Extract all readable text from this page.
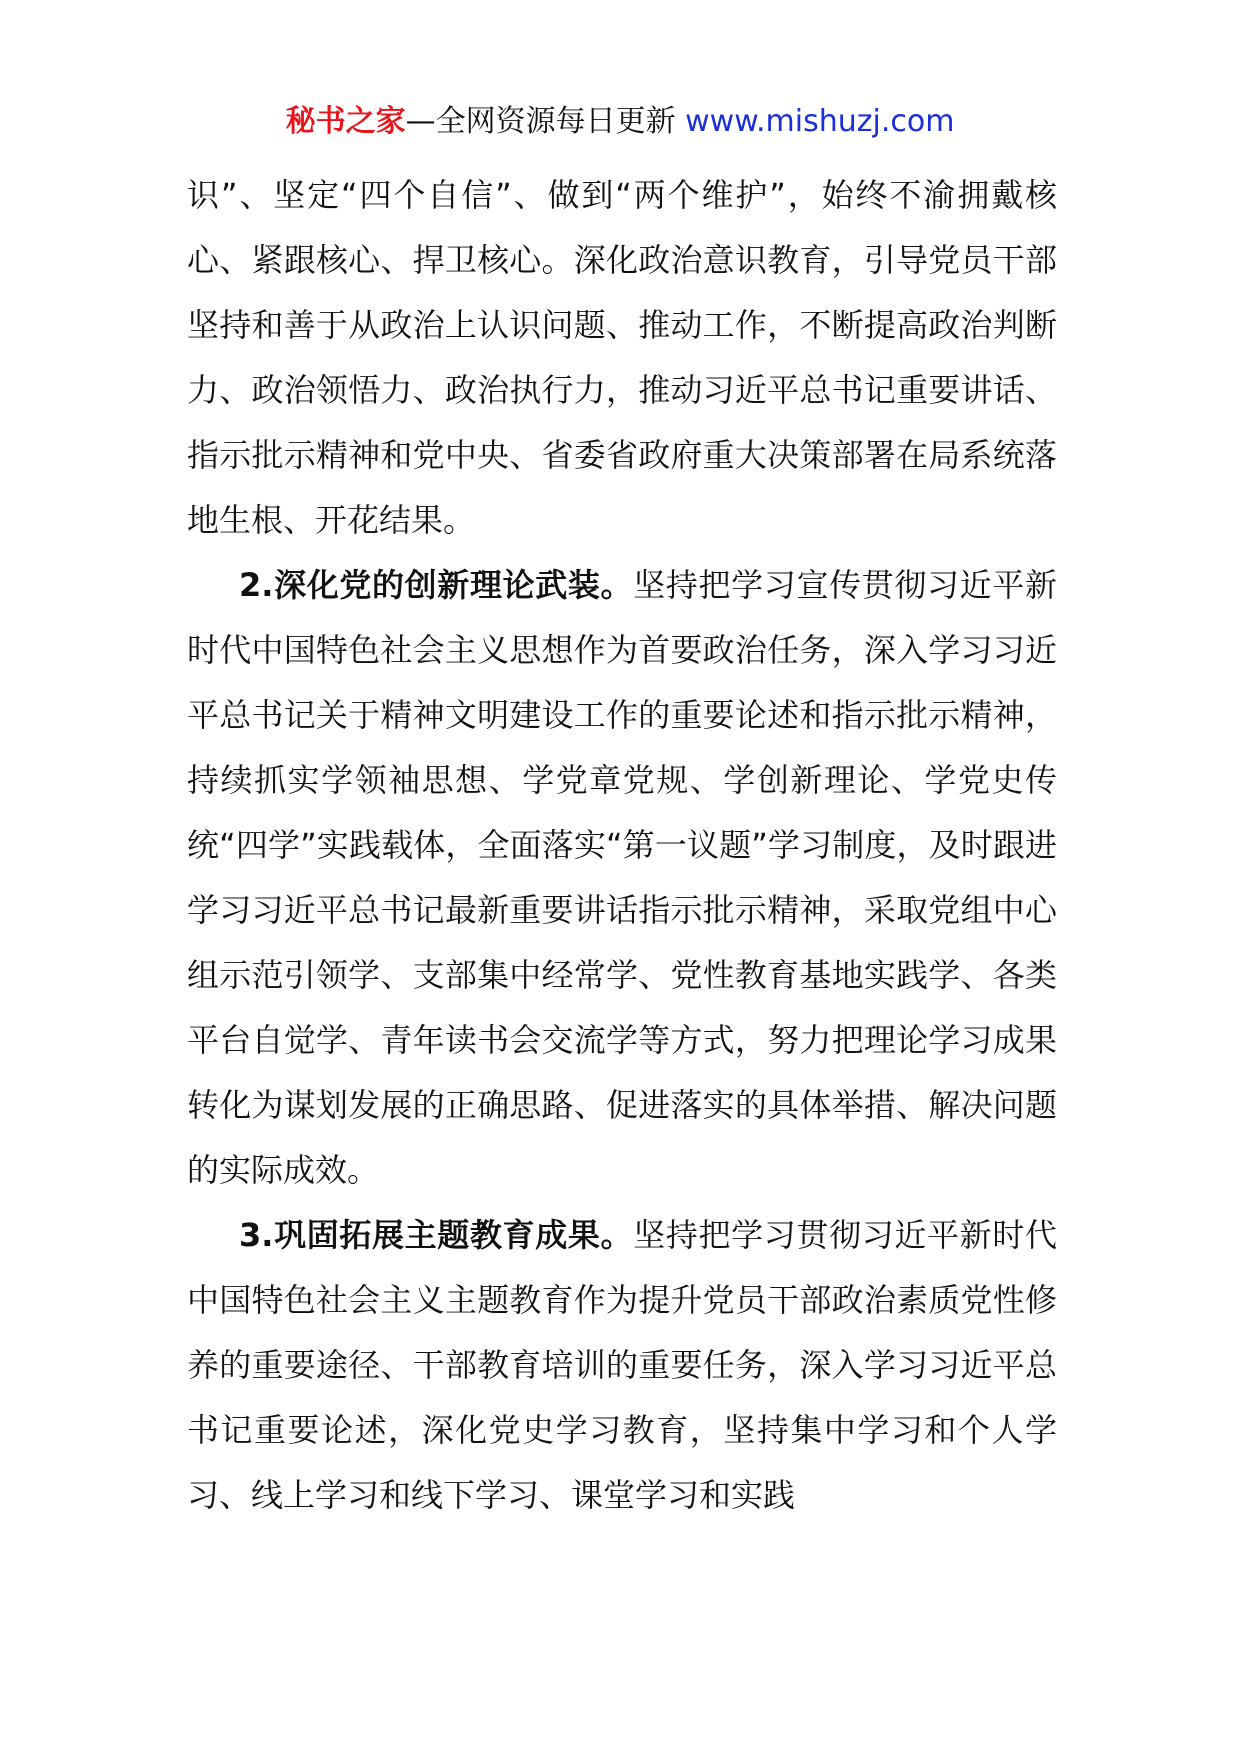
秘书之家—全网资源每日更新 www.mishuzj.com

识”、坚定“四个自信”、做到“两个维护”，始终不渝拥戴核心、紧跟核心、捍卫核心。深化政治意识教育，引导党员干部坚持和善于从政治上认识问题、推动工作，不断提高政治判断力、政治领悟力、政治执行力，推动习近平总书记重要讲话、指示批示精神和党中央、省委省政府重大决策部署在局系统落地生根、开花结果。

2.深化党的创新理论武装。坚持把学习宣传贯彻习近平新时代中国特色社会主义思想作为首要政治任务，深入学习习近平总书记关于精神文明建设工作的重要论述和指示批示精神，持续抓实学领袖思想、学党章党规、学创新理论、学党史传统“四学”实践载体，全面落实“第一议题”学习制度，及时跟进学习习近平总书记最新重要讲话指示批示精神，采取党组中心组示范引领学、支部集中经常学、党性教育基地实践学、各类平台自觉学、青年读书会交流学等方式，努力把理论学习成果转化为谋划发展的正确思路、促进落实的具体举措、解决问题的实际成效。

3.巩固拓展主题教育成果。坚持把学习贯彻习近平新时代中国特色社会主义主题教育作为提升党员干部政治素质党性修养的重要途径、干部教育培训的重要任务，深入学习习近平总书记重要论述，深化党史学习教育，坚持集中学习和个人学习、线上学习和线下学习、课堂学习和实践
